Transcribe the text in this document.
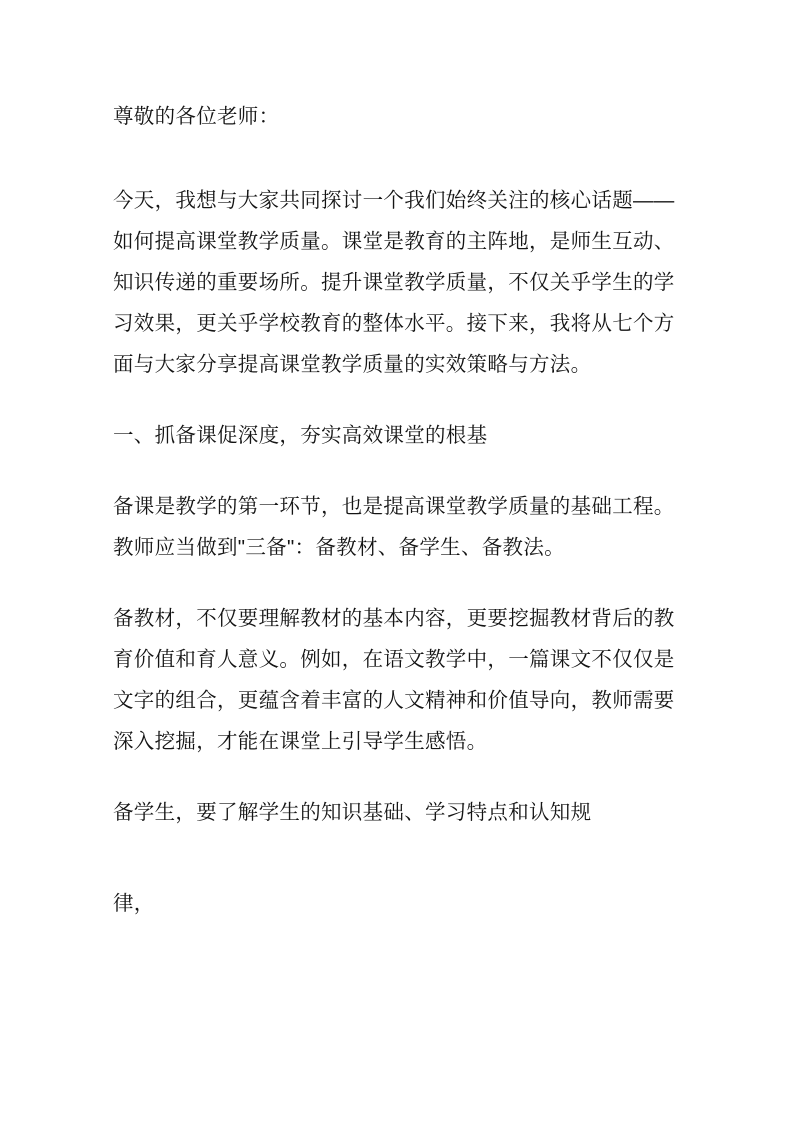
尊敬的各位老师：

今天，我想与大家共同探讨一个我们始终关注的核心话题――如何提高课堂教学质量。课堂是教育的主阵地，是师生互动、知识传递的重要场所。提升课堂教学质量，不仅关乎学生的学习效果，更关乎学校教育的整体水平。接下来，我将从七个方面与大家分享提高课堂教学质量的实效策略与方法。

一、抓备课促深度，夯实高效课堂的根基

备课是教学的第一环节，也是提高课堂教学质量的基础工程。教师应当做到"三备"：备教材、备学生、备教法。

备教材，不仅要理解教材的基本内容，更要挖掘教材背后的教育价值和育人意义。例如，在语文教学中，一篇课文不仅仅是文字的组合，更蕴含着丰富的人文精神和价值导向，教师需要深入挖掘，才能在课堂上引导学生感悟。

备学生，要了解学生的知识基础、学习特点和认知规

律，
